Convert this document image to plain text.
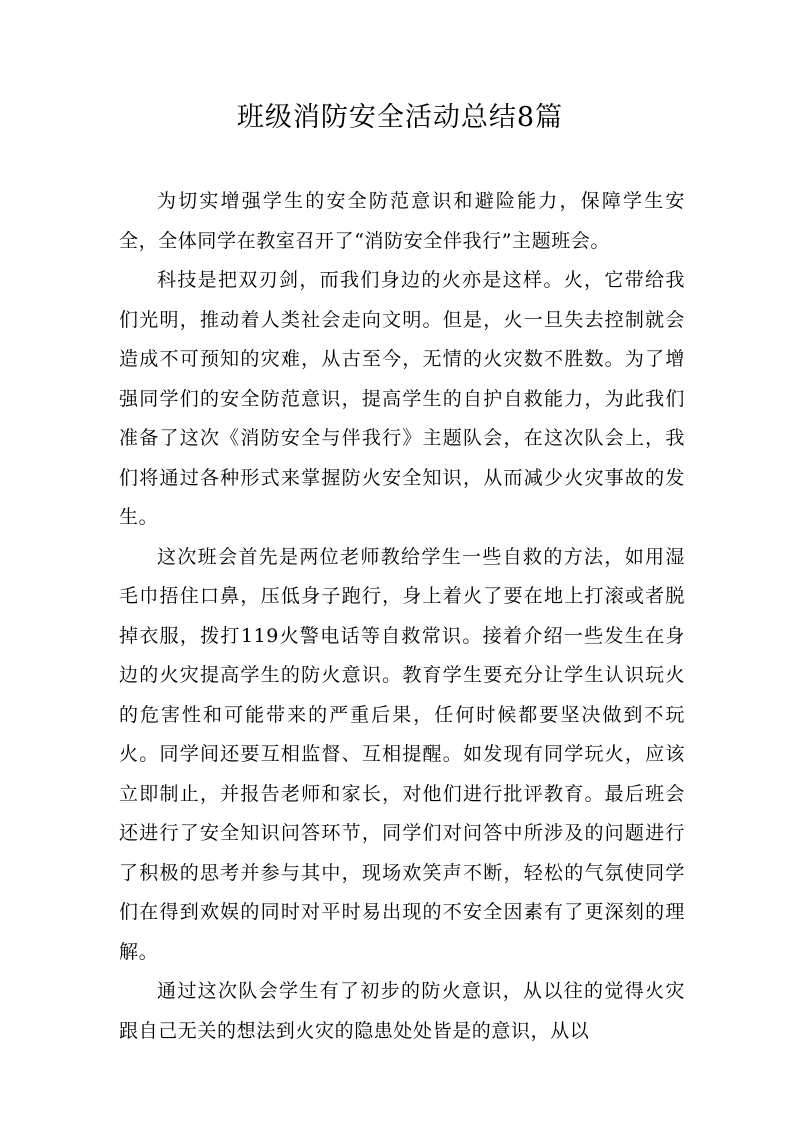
班级消防安全活动总结8篇

为切实增强学生的安全防范意识和避险能力，保障学生安全，全体同学在教室召开了“消防安全伴我行”主题班会。

科技是把双刃剑，而我们身边的火亦是这样。火，它带给我们光明，推动着人类社会走向文明。但是，火一旦失去控制就会造成不可预知的灾难，从古至今，无情的火灾数不胜数。为了增强同学们的安全防范意识，提高学生的自护自救能力，为此我们准备了这次《消防安全与伴我行》主题队会，在这次队会上，我们将通过各种形式来掌握防火安全知识，从而减少火灾事故的发生。

这次班会首先是两位老师教给学生一些自救的方法，如用湿毛巾捂住口鼻，压低身子跑行，身上着火了要在地上打滚或者脱掉衣服，拨打119火警电话等自救常识。接着介绍一些发生在身边的火灾提高学生的防火意识。教育学生要充分让学生认识玩火的危害性和可能带来的严重后果，任何时候都要坚决做到不玩火。同学间还要互相监督、互相提醒。如发现有同学玩火，应该立即制止，并报告老师和家长，对他们进行批评教育。最后班会还进行了安全知识问答环节，同学们对问答中所涉及的问题进行了积极的思考并参与其中，现场欢笑声不断，轻松的气氛使同学们在得到欢娱的同时对平时易出现的不安全因素有了更深刻的理解。

通过这次队会学生有了初步的防火意识，从以往的觉得火灾跟自己无关的想法到火灾的隐患处处皆是的意识，从以
